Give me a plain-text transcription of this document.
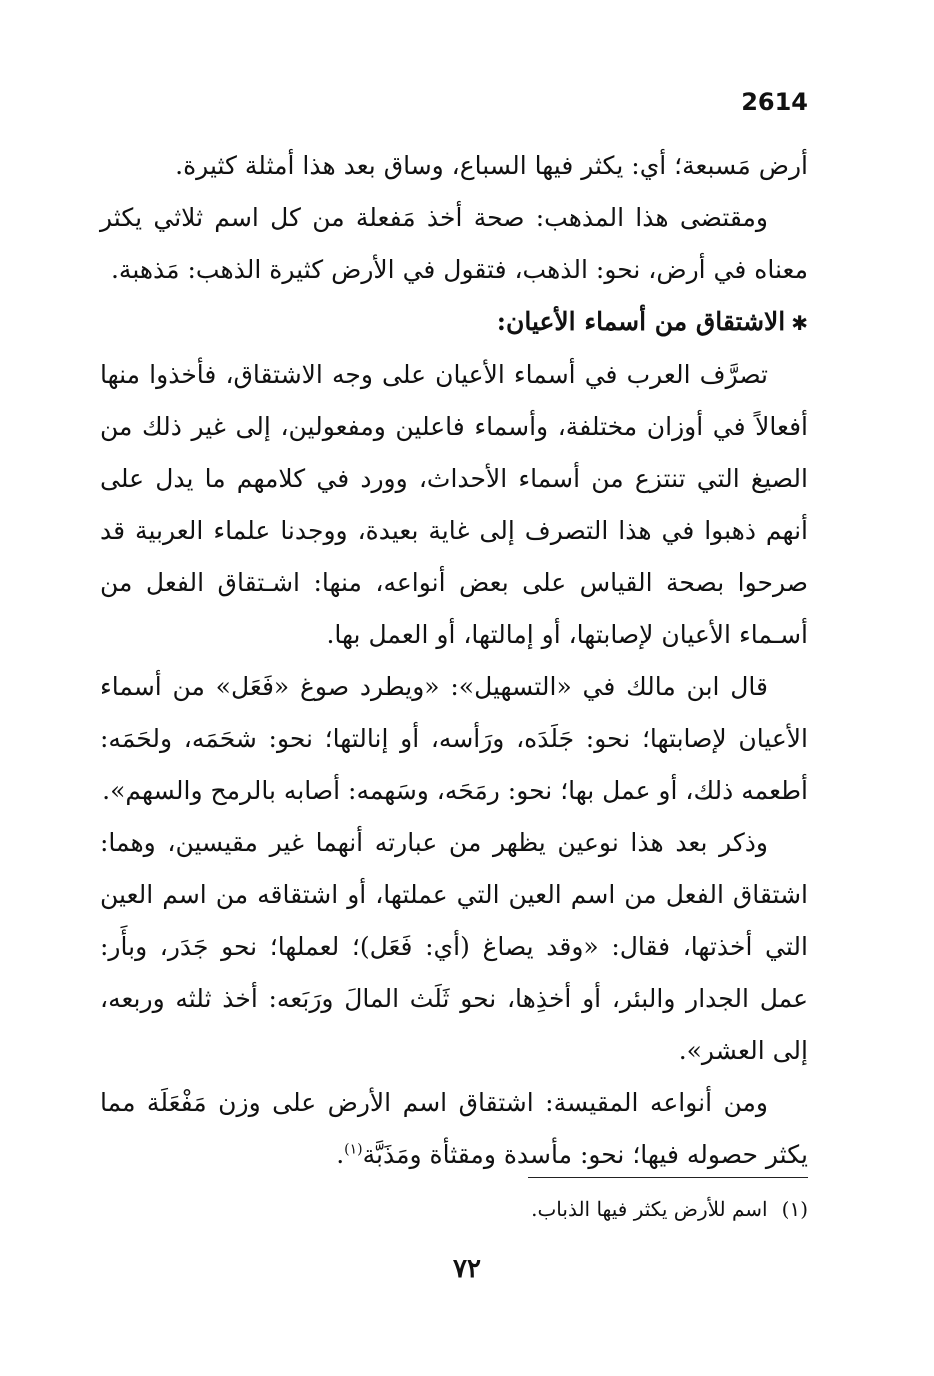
2614

أرض مَسبعة؛ أي: يكثر فيها السباع، وساق بعد هذا أمثلة كثيرة.

ومقتضى هذا المذهب: صحة أخذ مَفعلة من كل اسم ثلاثي يكثر معناه في أرض، نحو: الذهب، فتقول في الأرض كثيرة الذهب: مَذهبة.

✱الاشتقاق من أسماء الأعيان:

تصرَّف العرب في أسماء الأعيان على وجه الاشتقاق، فأخذوا منها أفعالاً في أوزان مختلفة، وأسماء فاعلين ومفعولين، إلى غير ذلك من الصيغ التي تنتزع من أسماء الأحداث، وورد في كلامهم ما يدل على أنهم ذهبوا في هذا التصرف إلى غاية بعيدة، ووجدنا علماء العربية قد صرحوا بصحة القياس على بعض أنواعه، منها: اشـتقاق الفعل من أسـماء الأعيان لإصابتها، أو إمالتها، أو العمل بها.

قال ابن مالك في «التسهيل»: «ويطرد صوغ «فَعَل» من أسماء الأعيان لإصابتها؛ نحو: جَلَدَه، ورَأسه، أو إنالتها؛ نحو: شحَمَه، ولحَمَه: أطعمه ذلك، أو عمل بها؛ نحو: رمَحَه، وسَهمه: أصابه بالرمح والسهم».

وذكر بعد هذا نوعين يظهر من عبارته أنهما غير مقيسين، وهما: اشتقاق الفعل من اسم العين التي عملتها، أو اشتقاقه من اسم العين التي أخذتها، فقال: «وقد يصاغ (أي: فَعَل)؛ لعملها؛ نحو جَدَر، وبأَر: عمل الجدار والبئر، أو أخذِها، نحو ثَلَث المالَ ورَبَعه: أخذ ثلثه وربعه، إلى العشر».

ومن أنواعه المقيسة: اشتقاق اسم الأرض على وزن مَفْعَلَة مما يكثر حصوله فيها؛ نحو: مأسدة ومقثأة ومَذَبَّة$^{(١)}$.

(١)اسم للأرض يكثر فيها الذباب.
٧٢
